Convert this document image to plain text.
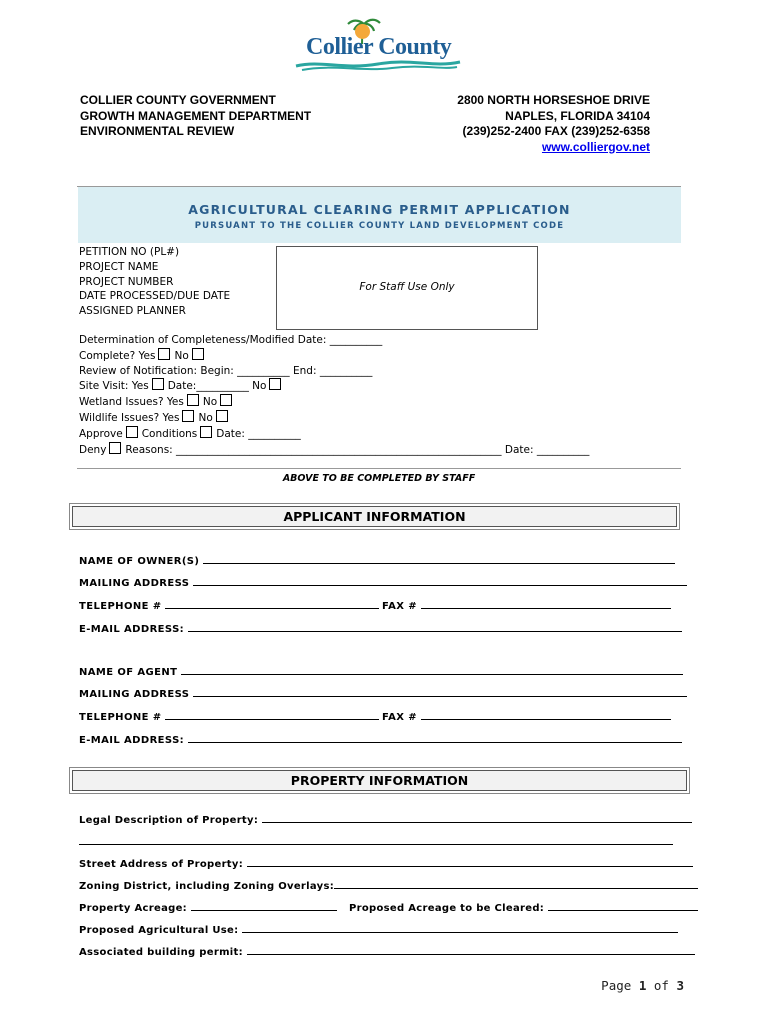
Collier County
COLLIER COUNTY GOVERNMENT
GROWTH MANAGEMENT DEPARTMENT
ENVIRONMENTAL REVIEW
2800 NORTH HORSESHOE DRIVE
NAPLES, FLORIDA 34104
(239)252-2400 FAX (239)252-6358
www.colliergov.net
AGRICULTURAL CLEARING PERMIT APPLICATION
PURSUANT TO THE COLLIER COUNTY LAND DEVELOPMENT CODE
PETITION NO (PL#)
PROJECT NAME
PROJECT NUMBER
DATE PROCESSED/DUE DATE
ASSIGNED PLANNER
For Staff Use Only
Determination of Completeness/Modified Date: __________
Complete? Yes No
Review of Notification: Begin: __________ End: __________
Site Visit: Yes Date:__________ No
Wetland Issues? Yes No
Wildlife Issues? Yes No
Approve Conditions Date: __________
Deny Reasons: ______________________________________________________________ Date: __________
ABOVE TO BE COMPLETED BY STAFF
APPLICANT INFORMATION
NAME OF OWNER(S)
MAILING ADDRESS
TELEPHONE #	FAX #
E-MAIL ADDRESS:
NAME OF AGENT
MAILING ADDRESS
TELEPHONE #	FAX #
E-MAIL ADDRESS:
PROPERTY INFORMATION
Legal Description of Property:
Street Address of Property:
Zoning District, including Zoning Overlays:
Property Acreage:	Proposed Acreage to be Cleared:
Proposed Agricultural Use:
Associated building permit:
Page 1 of 3
